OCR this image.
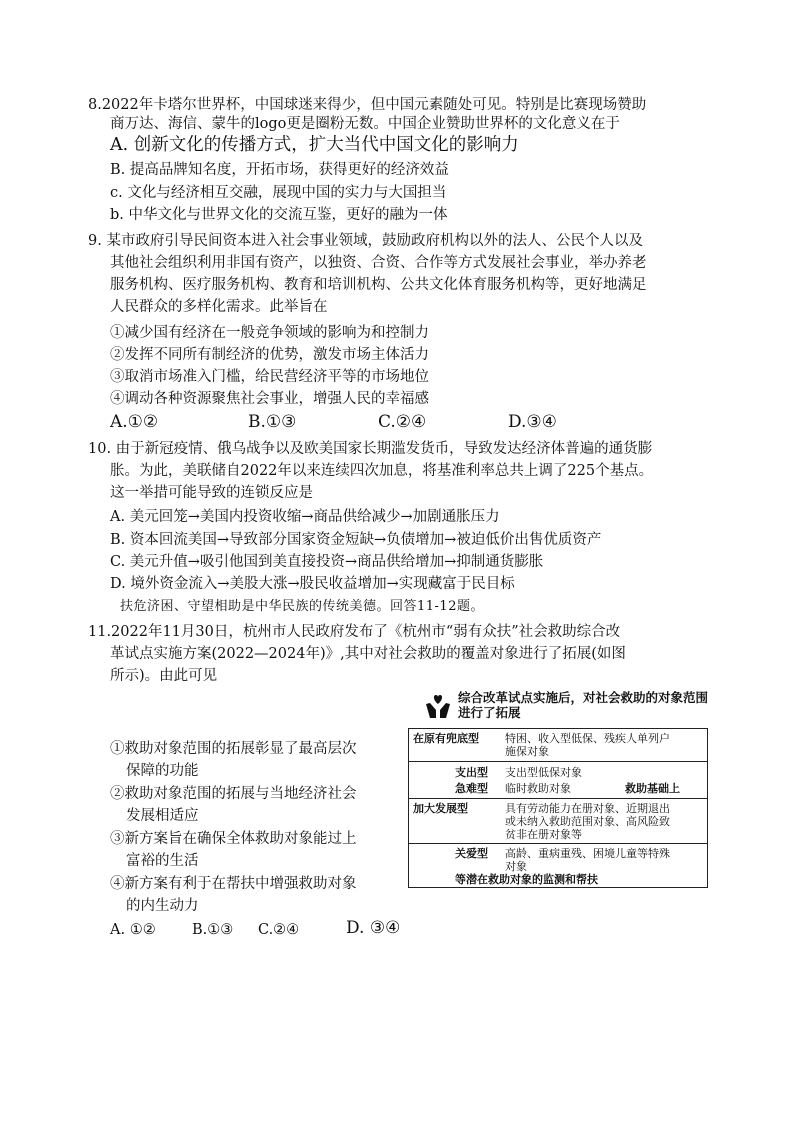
8.2022年卡塔尔世界杯，中国球迷来得少，但中国元素随处可见。特别是比赛现场赞助
商万达、海信、蒙牛的logo更是圈粉无数。中国企业赞助世界杯的文化意义在于
A. 创新文化的传播方式，扩大当代中国文化的影响力
B. 提高品牌知名度，开拓市场，获得更好的经济效益
c. 文化与经济相互交融，展现中国的实力与大国担当
b. 中华文化与世界文化的交流互鉴，更好的融为一体
9. 某市政府引导民间资本进入社会事业领域，鼓励政府机构以外的法人、公民个人以及
其他社会组织利用非国有资产，以独资、合资、合作等方式发展社会事业，举办养老
服务机构、医疗服务机构、教育和培训机构、公共文化体育服务机构等，更好地满足
人民群众的多样化需求。此举旨在
①减少国有经济在一般竞争领域的影响为和控制力
②发挥不同所有制经济的优势，激发市场主体活力
③取消市场准入门槛，给民营经济平等的市场地位
④调动各种资源聚焦社会事业，增强人民的幸福感
A.①②	B.①③	C.②④	D.③④
10. 由于新冠疫情、俄乌战争以及欧美国家长期滥发货币，导致发达经济体普遍的通货膨
胀。为此，美联储自2022年以来连续四次加息，将基准利率总共上调了225个基点。
这一举措可能导致的连锁反应是
A. 美元回笼→美国内投资收缩→商品供给减少→加剧通胀压力
B. 资本回流美国→导致部分国家资金短缺→负债增加→被迫低价出售优质资产
C. 美元升值→吸引他国到美直接投资→商品供给增加→抑制通货膨胀
D. 境外资金流入→美股大涨→股民收益增加→实现藏富于民目标
扶危济困、守望相助是中华民族的传统美德。回答11-12题。
11.2022年11月30日，杭州市人民政府发布了《杭州市“弱有众扶”社会救助综合改
革试点实施方案(2022—2024年)》,其中对社会救助的覆盖对象进行了拓展(如图
所示)。由此可见
①救助对象范围的拓展彰显了最高层次
保障的功能
②救助对象范围的拓展与当地经济社会
发展相适应
③新方案旨在确保全体救助对象能过上
富裕的生活
④新方案有利于在帮扶中增强救助对象
的内生动力
A. ①②	B.①③ C.②④	D. ③④
综合改革试点实施后，对社会救助的对象范围进行了拓展
在原有兜底型 特困、收入型低保、残疾人单列户
施保对象
支出型 支出型低保对象
急难型 临时救助对象	救助基础上
加大发展型	具有劳动能力在册对象、近期退出
或未纳入救助范围对象、高风险致
贫非在册对象等
关爱型 高龄、重病重残、困境儿童等特殊
对象
等潜在救助对象的监测和帮扶
